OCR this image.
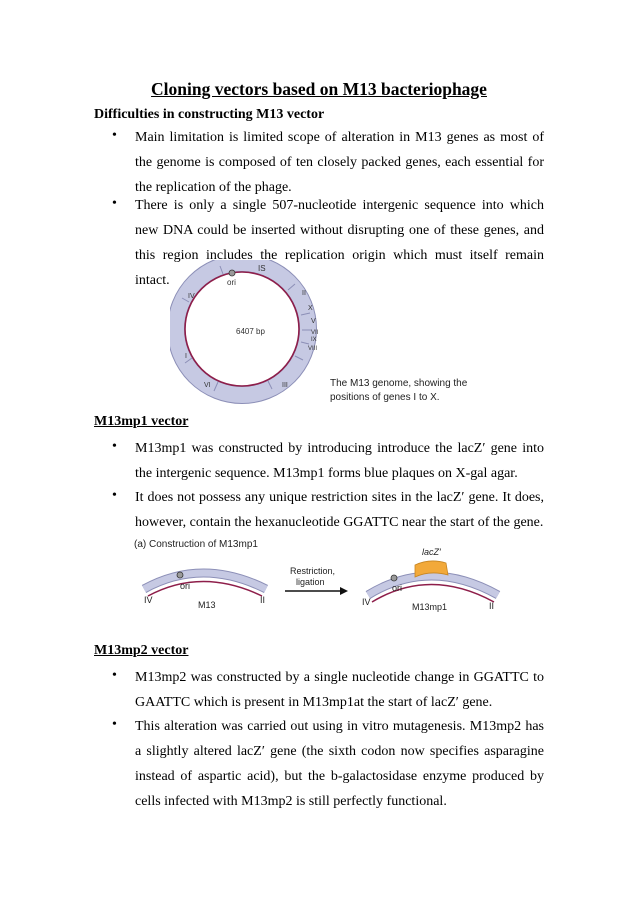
Cloning vectors based on M13 bacteriophage
Difficulties in constructing M13 vector
•	Main limitation is limited scope of alteration in M13 genes as most of the genome is composed of ten closely packed genes, each essential for the replication of the phage.
•	There is only a single 507-nucleotide intergenic sequence into which new DNA could be inserted without disrupting one of these genes, and this region includes the replication origin which must itself remain intact.	ori
IS
II
X
V
VII
IX
VIII
III
VI
I
IV
6407 bp
The M13 genome, showing the
positions of genes I to X.
M13mp1 vector
•	M13mp1 was constructed by introducing introduce the lacZ′ gene into the intergenic sequence. M13mp1 forms blue plaques on X-gal agar.
•	It does not possess any unique restriction sites in the lacZ′ gene. It does, however, contain the hexanucleotide GGATTC near the start of the gene.
(a) Construction of M13mp1
ori
IV	II
M13
Restriction,
ligation
lacZ′
ori
IV	II
M13mp1
M13mp2 vector
•	M13mp2 was constructed by a single nucleotide change in GGATTC to GAATTC which is present in M13mp1at the start of lacZ′ gene.
•	This alteration was carried out using in vitro mutagenesis. M13mp2 has a slightly altered lacZ′ gene (the sixth codon now specifies asparagine instead of aspartic acid), but the b-galactosidase enzyme produced by cells infected with M13mp2 is still perfectly functional.
